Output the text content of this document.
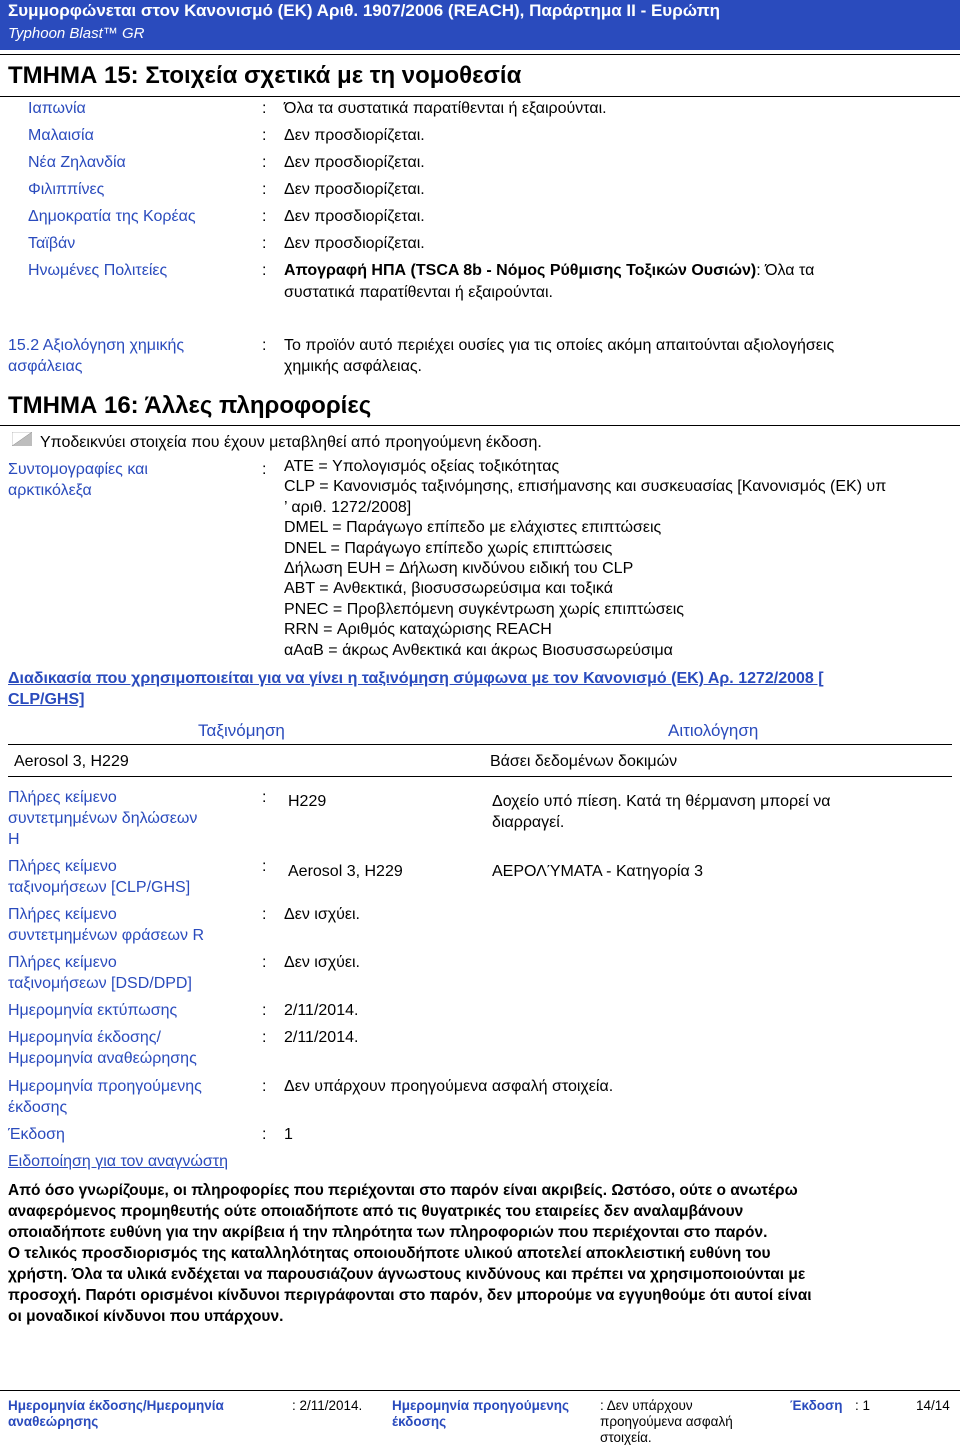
Συμμορφώνεται στον Κανονισμό (ΕΚ) Αριθ. 1907/2006 (REACH), Παράρτημα II - Ευρώπη
Typhoon Blast™ GR
ΤΜΗΜΑ 15: Στοιχεία σχετικά με τη νομοθεσία
Ιαπωνία	: Όλα τα συστατικά παρατίθενται ή εξαιρούνται.
Μαλαισία	: Δεν προσδιορίζεται.
Νέα Ζηλανδία	: Δεν προσδιορίζεται.
Φιλιππίνες	: Δεν προσδιορίζεται.
Δημοκρατία της Κορέας	: Δεν προσδιορίζεται.
Ταϊβάν	: Δεν προσδιορίζεται.
Ηνωμένες Πολιτείες	: Απογραφή ΗΠΑ (TSCA 8b - Νόμος Ρύθμισης Τοξικών Ουσιών): Όλα τα
συστατικά παρατίθενται ή εξαιρούνται.
15.2 Αξιολόγηση χημικής
ασφάλειας
: Το προϊόν αυτό περιέχει ουσίες για τις οποίες ακόμη απαιτούνται αξιολογήσεις
χημικής ασφάλειας.
ΤΜΗΜΑ 16: Άλλες πληροφορίες
Υποδεικνύει στοιχεία που έχουν μεταβληθεί από προηγούμενη έκδοση.
Συντομογραφίες και
αρκτικόλεξα
: ATE = Υπολογισμός οξείας τοξικότητας
CLP = Κανονισμός ταξινόμησης, επισήμανσης και συσκευασίας [Κανονισμός (ΕΚ) υπ
’ αριθ. 1272/2008]
DMEL = Παράγωγο επίπεδο με ελάχιστες επιπτώσεις
DNEL = Παράγωγο επίπεδο χωρίς επιπτώσεις
Δήλωση EUH = Δήλωση κινδύνου ειδική του CLP
ABT = Ανθεκτικά, βιοσυσσωρεύσιμα και τοξικά
PNEC = Προβλεπόμενη συγκέντρωση χωρίς επιπτώσεις
RRN = Αριθμός καταχώρισης REACH
αΑαΒ = άκρως Ανθεκτικά και άκρως Βιοσυσσωρεύσιμα
Διαδικασία που χρησιμοποιείται για να γίνει η ταξινόμηση σύμφωνα με τον Κανονισμό (ΕΚ) Αρ. 1272/2008 [
CLP/GHS]
Ταξινόμηση	Αιτιολόγηση
Aerosol 3, H229	Βάσει δεδομένων δοκιμών
Πλήρες κείμενο
συντετμημένων δηλώσεων
H
: H229	Δοχείο υπό πίεση. Κατά τη θέρμανση μπορεί να
διαρραγεί.
Πλήρες κείμενο
ταξινομήσεων [CLP/GHS]
: Aerosol 3, H229	ΑΕΡΟΛΎΜΑΤΑ - Κατηγορία 3
Πλήρες κείμενο
συντετμημένων φράσεων R
: Δεν ισχύει.
Πλήρες κείμενο
ταξινομήσεων [DSD/DPD]
: Δεν ισχύει.
Ημερομηνία εκτύπωσης	: 2/11/2014.
Ημερομηνία έκδοσης/
Ημερομηνία αναθεώρησης
: 2/11/2014.
Ημερομηνία προηγούμενης
έκδοσης
: Δεν υπάρχουν προηγούμενα ασφαλή στοιχεία.
Έκδοση	: 1
Ειδοποίηση για τον αναγνώστη
Από όσο γνωρίζουμε, οι πληροφορίες που περιέχονται στο παρόν είναι ακριβείς. Ωστόσο, ούτε ο ανωτέρω
αναφερόμενος προμηθευτής ούτε οποιαδήποτε από τις θυγατρικές του εταιρείες δεν αναλαμβάνουν
οποιαδήποτε ευθύνη για την ακρίβεια ή την πληρότητα των πληροφοριών που περιέχονται στο παρόν.
Ο τελικός προσδιορισμός της καταλληλότητας οποιουδήποτε υλικού αποτελεί αποκλειστική ευθύνη του
χρήστη. Όλα τα υλικά ενδέχεται να παρουσιάζουν άγνωστους κινδύνους και πρέπει να χρησιμοποιούνται με
προσοχή. Παρότι ορισμένοι κίνδυνοι περιγράφονται στο παρόν, δεν μπορούμε να εγγυηθούμε ότι αυτοί είναι
οι μοναδικοί κίνδυνοι που υπάρχουν.
Ημερομηνία έκδοσης/Ημερομηνία
αναθεώρησης
: 2/11/2014. Ημερομηνία προηγούμενης
έκδοσης
: Δεν υπάρχουν
προηγούμενα ασφαλή
στοιχεία.
Έκδοση : 1	14/14
